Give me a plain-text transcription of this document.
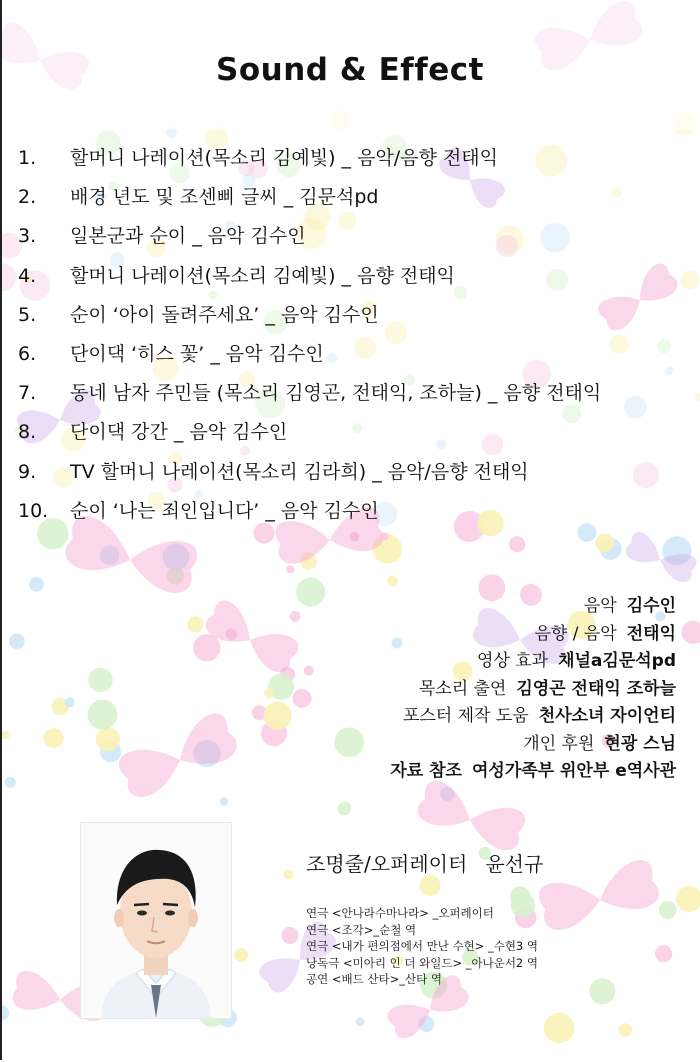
Sound & Effect
1.	할머니 나레이션(목소리 김예빛) _ 음악/음향 전태익
2.	배경 년도 및 조센삐 글씨 _ 김문석pd
3.	일본군과 순이 _ 음악 김수인
4.	할머니 나레이션(목소리 김예빛) _ 음향 전태익
5.	순이 ‘아이 돌려주세요’ _ 음악 김수인
6.	단이댁 ‘히스 꽃’ _ 음악 김수인
7.	동네 남자 주민들 (목소리 김영곤, 전태익, 조하늘) _ 음향 전태익
8.	단이댁 강간 _ 음악 김수인
9.	TV 할머니 나레이션(목소리 김라희) _ 음악/음향 전태익
10.	순이 ‘나는 죄인입니다’ _ 음악 김수인
음악 김수인
음향 / 음악 전태익
영상 효과 채널a김문석pd
목소리 출연 김영곤 전태익 조하늘
포스터 제작 도움 천사소녀 자이언티
개인 후원 현광 스님
자료 참조 여성가족부 위안부 e역사관
조명줄/오퍼레이터 윤선규
연극 <안나라수마나라> _오퍼레이터
연극 <조각>_순철 역
연극 <내가 편의점에서 만난 수현> _수현3 역
낭독극 <미아리 인 더 와일드> _아나운서2 역
공연 <배드 산타>_산타 역
